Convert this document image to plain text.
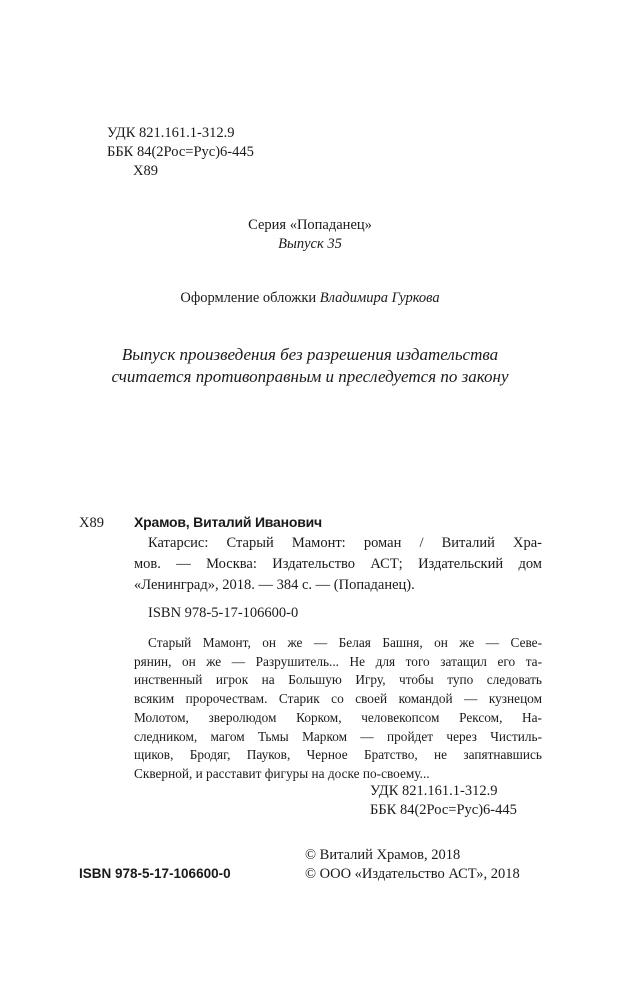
УДК 821.161.1-312.9
ББК 84(2Рос=Рус)6-445
Х89
Серия «Попаданец»
Выпуск 35
Оформление обложки Владимира Гуркова
Выпуск произведения без разрешения издательства
считается противоправным и преследуется по закону
Х89 Храмов, Виталий Иванович
Катарсис: Старый Мамонт: роман / Виталий Хра-
мов. — Москва: Издательство АСТ; Издательский дом
«Ленинград», 2018. — 384 с. — (Попаданец).
ISBN 978-5-17-106600-0
Старый Мамонт, он же — Белая Башня, он же — Севе-
рянин, он же — Разрушитель... Не для того затащил его та-
инственный игрок на Большую Игру, чтобы тупо следовать
всяким пророчествам. Старик со своей командой — кузнецом
Молотом, зверолюдом Корком, человекопсом Рексом, На-
следником, магом Тьмы Марком — пройдет через Чистиль-
щиков, Бродяг, Пауков, Черное Братство, не запятнавшись
Скверной, и расставит фигуры на доске по-своему...
УДК 821.161.1-312.9
ББК 84(2Рос=Рус)6-445
ISBN 978-5-17-106600-0
© Виталий Храмов, 2018
© ООО «Издательство АСТ», 2018
